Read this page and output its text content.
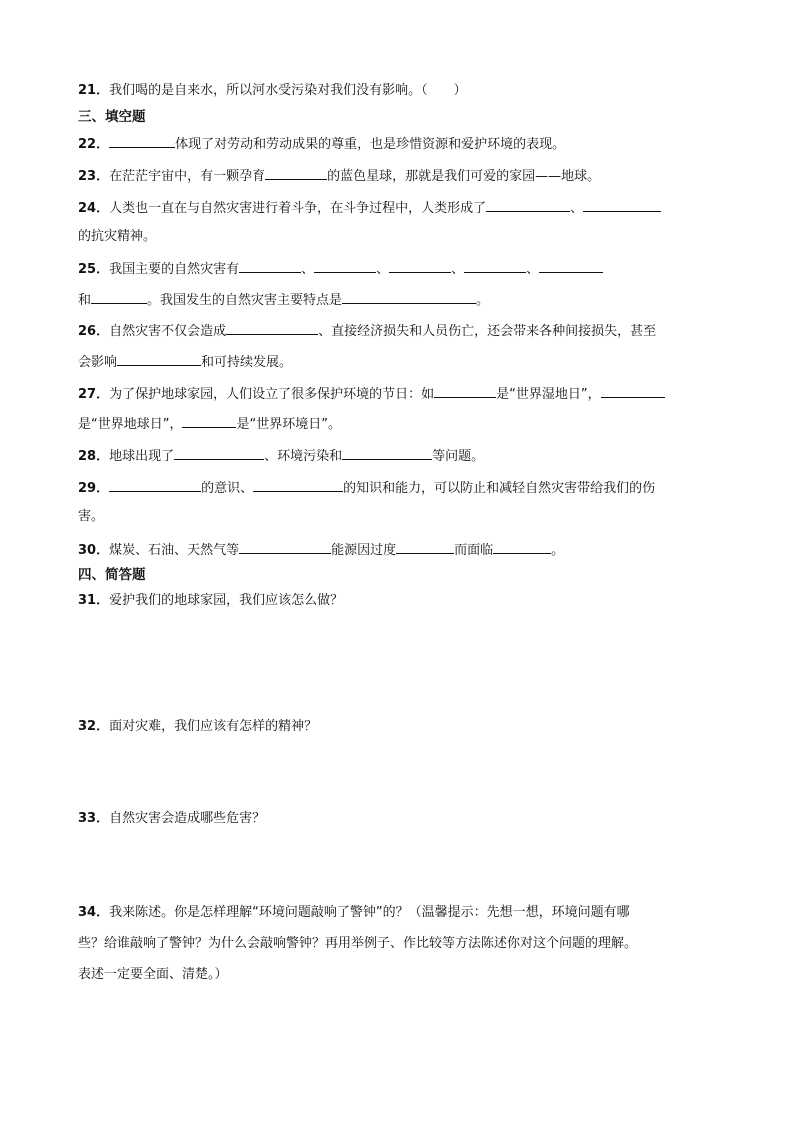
21．我们喝的是自来水，所以河水受污染对我们没有影响。（　　）
三、填空题
22．	体现了对劳动和劳动成果的尊重，也是珍惜资源和爱护环境的表现。
23．在茫茫宇宙中，有一颗孕育	的蓝色星球，那就是我们可爱的家园——地球。
24．人类也一直在与自然灾害进行着斗争，在斗争过程中，人类形成了	、
的抗灾精神。
25．我国主要的自然灾害有	、	、	、	、
和	。我国发生的自然灾害主要特点是	。
26．自然灾害不仅会造成	、直接经济损失和人员伤亡，还会带来各种间接损失，甚至
会影响	和可持续发展。
27．为了保护地球家园，人们设立了很多保护环境的节日：如	是“世界湿地日”，
是“世界地球日”，	是“世界环境日”。
28．地球出现了	、环境污染和	等问题。
29．	的意识、	的知识和能力，可以防止和减轻自然灾害带给我们的伤
害。
30．煤炭、石油、天然气等	能源因过度	而面临	。
四、简答题
31．爱护我们的地球家园，我们应该怎么做？
32．面对灾难，我们应该有怎样的精神？
33．自然灾害会造成哪些危害？
34．我来陈述。你是怎样理解“环境问题敲响了警钟”的？（温馨提示：先想一想，环境问题有哪
些？给谁敲响了警钟？为什么会敲响警钟？再用举例子、作比较等方法陈述你对这个问题的理解。
表述一定要全面、清楚。）
